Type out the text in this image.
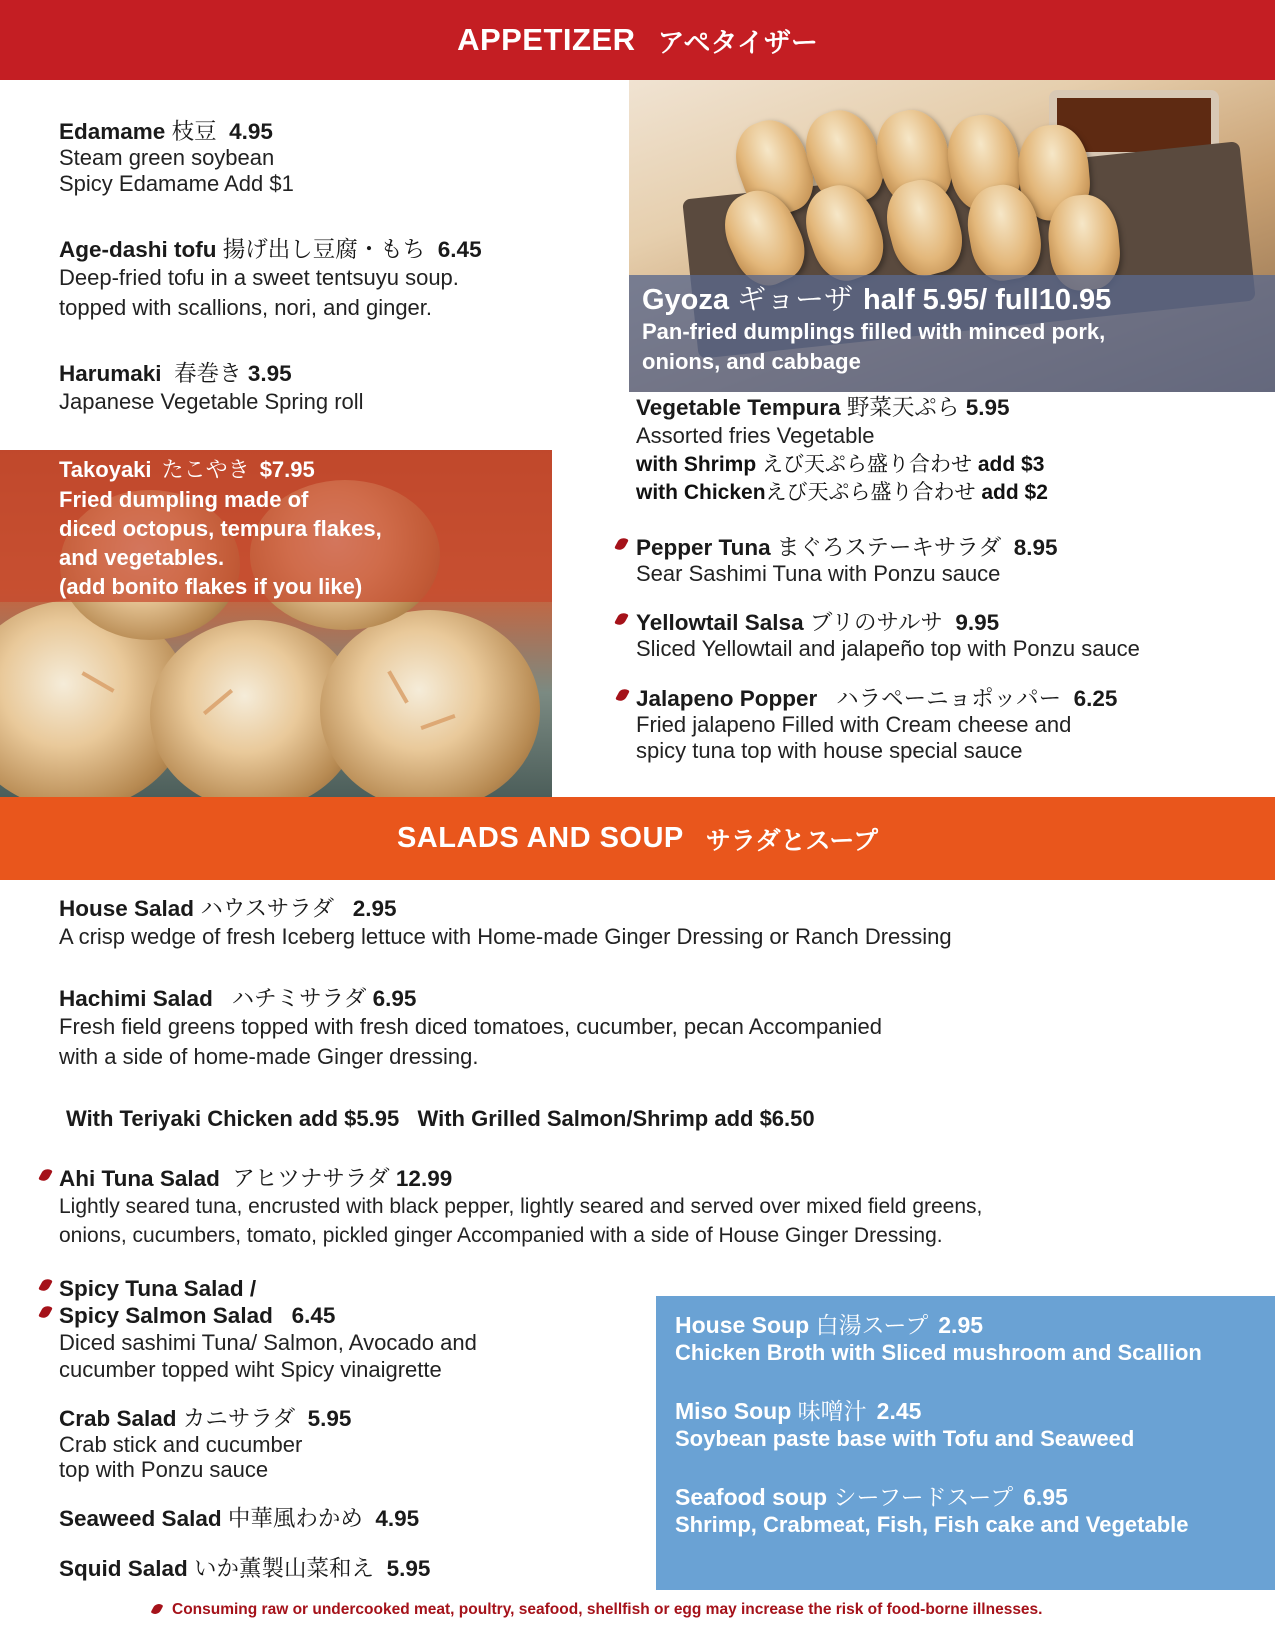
APPETIZER アペタイザー
Gyoza ギョーザ half 5.95/ full10.95
Pan-fried dumplings filled with minced pork,
onions, and cabbage
Takoyaki たこやき $7.95
Fried dumpling made of
diced octopus, tempura flakes,
and vegetables.
(add bonito flakes if you like)
Edamame 枝豆 4.95
Steam green soybean
Spicy Edamame Add $1
Age-dashi tofu 揚げ出し豆腐・もち 6.45
Deep-fried tofu in a sweet tentsuyu soup.
topped with scallions, nori, and ginger.
Harumaki 春巻き 3.95
Japanese Vegetable Spring roll	Vegetable Tempura 野菜天ぷら 5.95
Assorted fries Vegetable
with Shrimp えび天ぷら盛り合わせ add $3
with Chickenえび天ぷら盛り合わせ add $2
Pepper Tuna まぐろステーキサラダ 8.95
Sear Sashimi Tuna with Ponzu sauce
Yellowtail Salsa ブリのサルサ 9.95
Sliced Yellowtail and jalapeño top with Ponzu sauce
Jalapeno Popper ハラペーニョポッパー 6.25
Fried jalapeno Filled with Cream cheese and
spicy tuna top with house special sauce
SALADS AND SOUP サラダとスープ
House Salad ハウスサラダ 2.95
A crisp wedge of fresh Iceberg lettuce with Home-made Ginger Dressing or Ranch Dressing
Hachimi Salad ハチミサラダ 6.95
Fresh field greens topped with fresh diced tomatoes, cucumber, pecan Accompanied
with a side of home-made Ginger dressing.
With Teriyaki Chicken add $5.95   With Grilled Salmon/Shrimp add $6.50
Ahi Tuna Salad アヒツナサラダ 12.99
Lightly seared tuna, encrusted with black pepper, lightly seared and served over mixed field greens,
onions, cucumbers, tomato, pickled ginger Accompanied with a side of House Ginger Dressing.
Spicy Tuna Salad /
Spicy Salmon Salad 6.45
Diced sashimi Tuna/ Salmon, Avocado and
cucumber topped wiht Spicy vinaigrette
Crab Salad カニサラダ 5.95
Crab stick and cucumber
top with Ponzu sauce
Seaweed Salad 中華風わかめ 4.95
Squid Salad いか薫製山菜和え 5.95
House Soup 白湯スープ 2.95
Chicken Broth with Sliced mushroom and Scallion
Miso Soup 味噌汁 2.45
Soybean paste base with Tofu and Seaweed
Seafood soup シーフードスープ 6.95
Shrimp, Crabmeat, Fish, Fish cake and Vegetable
Consuming raw or undercooked meat, poultry, seafood, shellfish or egg may increase the risk of food-borne illnesses.
